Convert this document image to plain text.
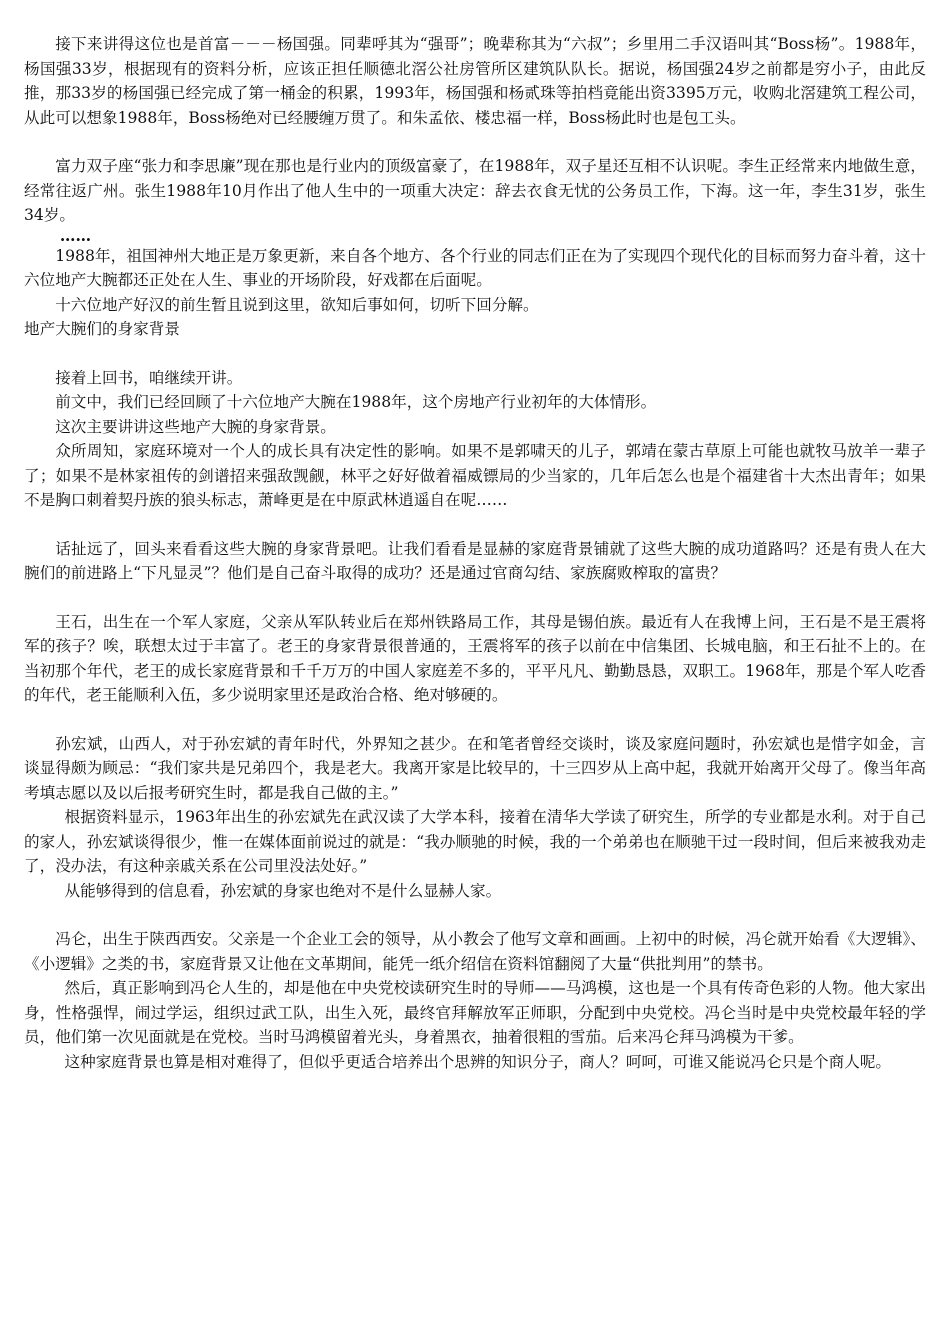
接下来讲得这位也是首富－－－杨国强。同辈呼其为“强哥”；晚辈称其为“六叔”；乡里用二手汉语叫其“Boss杨”。1988年，杨国强33岁，根据现有的资料分析，应该正担任顺德北滘公社房管所区建筑队队长。据说，杨国强24岁之前都是穷小子，由此反推，那33岁的杨国强已经完成了第一桶金的积累，1993年，杨国强和杨贰珠等拍档竟能出资3395万元，收购北滘建筑工程公司，从此可以想象1988年，Boss杨绝对已经腰缠万贯了。和朱孟依、楼忠福一样，Boss杨此时也是包工头。

富力双子座“张力和李思廉”现在那也是行业内的顶级富豪了，在1988年，双子星还互相不认识呢。李生正经常来内地做生意，经常往返广州。张生1988年10月作出了他人生中的一项重大决定：辞去衣食无忧的公务员工作，下海。这一年，李生31岁，张生34岁。

……

1988年，祖国神州大地正是万象更新，来自各个地方、各个行业的同志们正在为了实现四个现代化的目标而努力奋斗着，这十六位地产大腕都还正处在人生、事业的开场阶段，好戏都在后面呢。

十六位地产好汉的前生暂且说到这里，欲知后事如何，切听下回分解。

地产大腕们的身家背景

接着上回书，咱继续开讲。

前文中，我们已经回顾了十六位地产大腕在1988年，这个房地产行业初年的大体情形。

这次主要讲讲这些地产大腕的身家背景。

众所周知，家庭环境对一个人的成长具有决定性的影响。如果不是郭啸天的儿子，郭靖在蒙古草原上可能也就牧马放羊一辈子了；如果不是林家祖传的剑谱招来强敌觊觎，林平之好好做着福威镖局的少当家的，几年后怎么也是个福建省十大杰出青年；如果不是胸口刺着契丹族的狼头标志，萧峰更是在中原武林逍遥自在呢……

话扯远了，回头来看看这些大腕的身家背景吧。让我们看看是显赫的家庭背景铺就了这些大腕的成功道路吗？还是有贵人在大腕们的前进路上“下凡显灵”？他们是自己奋斗取得的成功？还是通过官商勾结、家族腐败榨取的富贵？

王石，出生在一个军人家庭，父亲从军队转业后在郑州铁路局工作，其母是锡伯族。最近有人在我博上问，王石是不是王震将军的孩子？唉，联想太过于丰富了。老王的身家背景很普通的，王震将军的孩子以前在中信集团、长城电脑，和王石扯不上的。在当初那个年代，老王的成长家庭背景和千千万万的中国人家庭差不多的，平平凡凡、勤勤恳恳，双职工。1968年，那是个军人吃香的年代，老王能顺利入伍，多少说明家里还是政治合格、绝对够硬的。

孙宏斌，山西人，对于孙宏斌的青年时代，外界知之甚少。在和笔者曾经交谈时，谈及家庭问题时，孙宏斌也是惜字如金，言谈显得颇为顾忌：“我们家共是兄弟四个，我是老大。我离开家是比较早的，十三四岁从上高中起，我就开始离开父母了。像当年高考填志愿以及以后报考研究生时，都是我自己做的主。”

根据资料显示，1963年出生的孙宏斌先在武汉读了大学本科，接着在清华大学读了研究生，所学的专业都是水利。对于自己的家人，孙宏斌谈得很少，惟一在媒体面前说过的就是：“我办顺驰的时候，我的一个弟弟也在顺驰干过一段时间，但后来被我劝走了，没办法，有这种亲戚关系在公司里没法处好。”

从能够得到的信息看，孙宏斌的身家也绝对不是什么显赫人家。

冯仑，出生于陕西西安。父亲是一个企业工会的领导，从小教会了他写文章和画画。上初中的时候，冯仑就开始看《大逻辑》、《小逻辑》之类的书，家庭背景又让他在文革期间，能凭一纸介绍信在资料馆翻阅了大量“供批判用”的禁书。

然后，真正影响到冯仑人生的，却是他在中央党校读研究生时的导师——马鸿模，这也是一个具有传奇色彩的人物。他大家出身，性格强悍，闹过学运，组织过武工队，出生入死，最终官拜解放军正师职，分配到中央党校。冯仑当时是中央党校最年轻的学员，他们第一次见面就是在党校。当时马鸿模留着光头，身着黑衣，抽着很粗的雪茄。后来冯仑拜马鸿模为干爹。

这种家庭背景也算是相对难得了，但似乎更适合培养出个思辨的知识分子，商人？呵呵，可谁又能说冯仑只是个商人呢。
